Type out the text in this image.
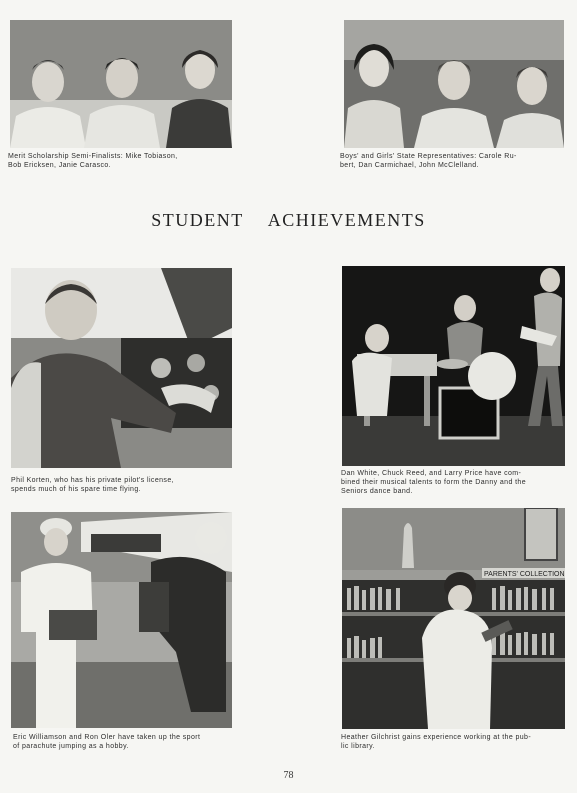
Merit Scholarship Semi-Finalists: Mike Tobiason,
Bob Ericksen, Janie Carasco.

Boys' and Girls' State Representatives: Carole Ru-
bert, Dan Carmichael, John McClelland.

STUDENT ACHIEVEMENTS

Phil Korten, who has his private pilot's license,
spends much of his spare time flying.

Dan White, Chuck Reed, and Larry Price have com-
bined their musical talents to form the Danny and the
Seniors dance band.

Eric Williamson and Ron Oler have taken up the sport
of parachute jumping as a hobby.

PARENTS' COLLECTION

Heather Gilchrist gains experience working at the pub-
lic library.

78
